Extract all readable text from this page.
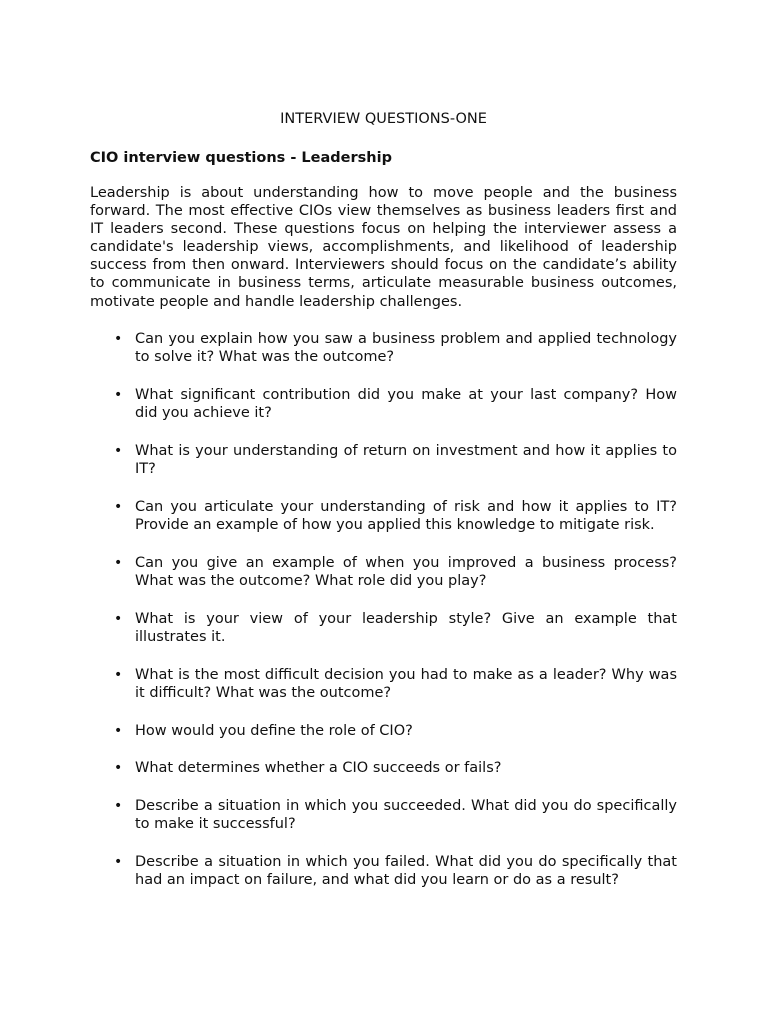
INTERVIEW QUESTIONS-ONE
CIO interview questions - Leadership

Leadership is about understanding how to move people and the business forward. The most effective CIOs view themselves as business leaders first and IT leaders second. These questions focus on helping the interviewer assess a candidate's leadership views, accomplishments, and likelihood of leadership success from then onward. Interviewers should focus on the candidate’s ability to communicate in business terms, articulate measurable business outcomes, motivate people and handle leadership challenges.

• Can you explain how you saw a business problem and applied technology to solve it? What was the outcome?
• What significant contribution did you make at your last company? How did you achieve it?
• What is your understanding of return on investment and how it applies to IT?
• Can you articulate your understanding of risk and how it applies to IT? Provide an example of how you applied this knowledge to mitigate risk.
• Can you give an example of when you improved a business process? What was the outcome? What role did you play?
• What is your view of your leadership style? Give an example that illustrates it.
• What is the most difficult decision you had to make as a leader? Why was it difficult? What was the outcome?
• How would you define the role of CIO?
• What determines whether a CIO succeeds or fails?
• Describe a situation in which you succeeded. What did you do specifically to make it successful?
• Describe a situation in which you failed. What did you do specifically that had an impact on failure, and what did you learn or do as a result?
